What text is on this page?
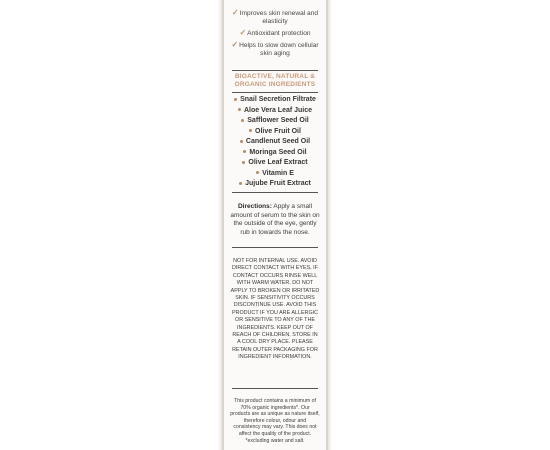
✓Improves skin renewal and elasticity
✓Antioxidant protection
✓Helps to slow down cellular skin aging
BIOACTIVE, NATURAL & ORGANIC INGREDIENTS
Snail Secretion Filtrate
Aloe Vera Leaf Juice
Safflower Seed Oil
Olive Fruit Oil
Candlenut Seed Oil
Moringa Seed Oil
Olive Leaf Extract
Vitamin E
Jujube Fruit Extract
Directions: Apply a small amount of serum to the skin on the outside of the eye, gently rub in towards the nose.
NOT FOR INTERNAL USE. AVOID DIRECT CONTACT WITH EYES, IF CONTACT OCCURS RINSE WELL WITH WARM WATER. DO NOT APPLY TO BROKEN OR IRRITATED SKIN. IF SENSITIVITY OCCURS DISCONTINUE USE. AVOID THIS PRODUCT IF YOU ARE ALLERGIC OR SENSITIVE TO ANY OF THE INGREDIENTS. KEEP OUT OF REACH OF CHILDREN. STORE IN A COOL DRY PLACE. PLEASE RETAIN OUTER PACKAGING FOR INGREDIENT INFORMATION.
This product contains a minimum of 70% organic ingredients*. Our products are as unique as nature itself, therefore colour, odour and consistency may vary. This does not affect the quality of the product. *excluding water and salt.
